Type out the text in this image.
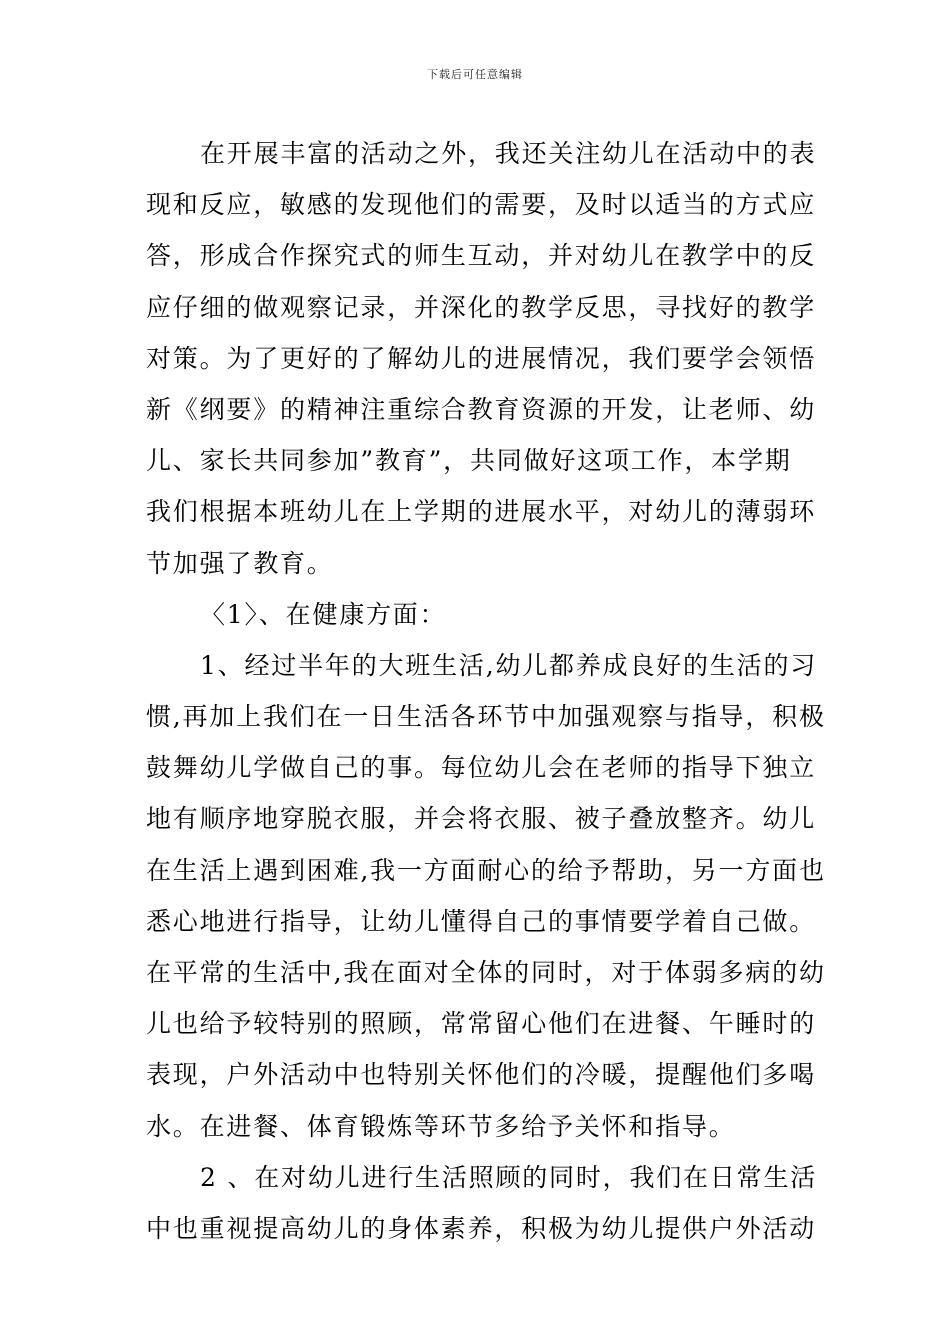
下载后可任意编辑
在开展丰富的活动之外，我还关注幼儿在活动中的表
现和反应，敏感的发现他们的需要，及时以适当的方式应
答，形成合作探究式的师生互动，并对幼儿在教学中的反
应仔细的做观察记录，并深化的教学反思，寻找好的教学
对策。为了更好的了解幼儿的进展情况，我们要学会领悟
新《纲要》的精神注重综合教育资源的开发，让老师、幼
儿、家长共同参加”教育”，共同做好这项工作，本学期
我们根据本班幼儿在上学期的进展水平，对幼儿的薄弱环
节加强了教育。
〈1〉、在健康方面：
1、经过半年的大班生活,幼儿都养成良好的生活的习
惯,再加上我们在一日生活各环节中加强观察与指导，积极
鼓舞幼儿学做自己的事。每位幼儿会在老师的指导下独立
地有顺序地穿脱衣服，并会将衣服、被子叠放整齐。幼儿
在生活上遇到困难,我一方面耐心的给予帮助，另一方面也
悉心地进行指导，让幼儿懂得自己的事情要学着自己做。
在平常的生活中,我在面对全体的同时，对于体弱多病的幼
儿也给予较特别的照顾，常常留心他们在进餐、午睡时的
表现，户外活动中也特别关怀他们的冷暖，提醒他们多喝
水。在进餐、体育锻炼等环节多给予关怀和指导。
2 、在对幼儿进行生活照顾的同时，我们在日常生活
中也重视提高幼儿的身体素养，积极为幼儿提供户外活动
